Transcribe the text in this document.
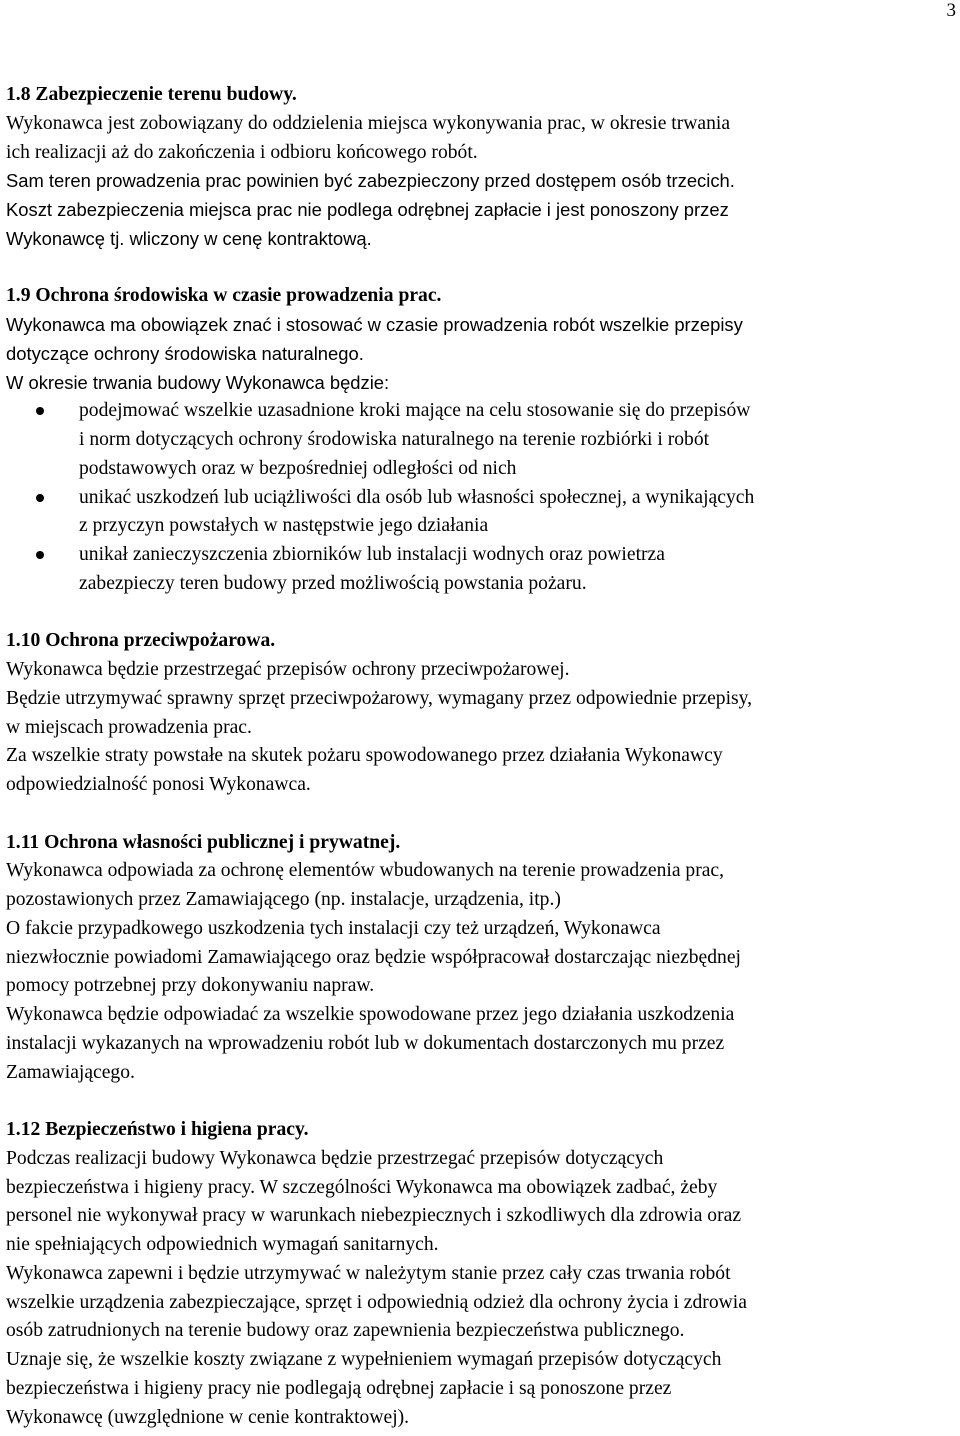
3

1.8 Zabezpieczenie terenu budowy.

Wykonawca jest zobowiązany do oddzielenia miejsca wykonywania prac, w okresie trwania

ich realizacji aż do zakończenia i odbioru końcowego robót.

Sam teren prowadzenia prac powinien być zabezpieczony przed dostępem osób trzecich.

Koszt zabezpieczenia miejsca prac nie podlega odrębnej zapłacie i jest ponoszony przez

Wykonawcę tj. wliczony w cenę kontraktową.

1.9 Ochrona środowiska w czasie prowadzenia prac.

Wykonawca ma obowiązek znać i stosować w czasie prowadzenia robót wszelkie przepisy

dotyczące ochrony środowiska naturalnego.

W okresie trwania budowy Wykonawca będzie:

podejmować wszelkie uzasadnione kroki mające na celu stosowanie się do przepisów
i norm dotyczących ochrony środowiska naturalnego na terenie rozbiórki i robót
podstawowych oraz w bezpośredniej odległości od nich
unikać uszkodzeń lub uciążliwości dla osób lub własności społecznej, a wynikających
z przyczyn powstałych w następstwie jego działania
unikał zanieczyszczenia zbiorników lub instalacji wodnych oraz powietrza
zabezpieczy teren budowy przed możliwością powstania pożaru.

1.10 Ochrona przeciwpożarowa.

Wykonawca będzie przestrzegać przepisów ochrony przeciwpożarowej.

Będzie utrzymywać sprawny sprzęt przeciwpożarowy, wymagany przez odpowiednie przepisy,

w miejscach prowadzenia prac.

Za wszelkie straty powstałe na skutek pożaru spowodowanego przez działania Wykonawcy

odpowiedzialność ponosi Wykonawca.

1.11 Ochrona własności publicznej i prywatnej.

Wykonawca odpowiada za ochronę elementów wbudowanych na terenie prowadzenia prac,

pozostawionych przez Zamawiającego (np. instalacje, urządzenia, itp.)

O fakcie przypadkowego uszkodzenia tych instalacji czy też urządzeń, Wykonawca

niezwłocznie powiadomi Zamawiającego oraz będzie współpracował dostarczając niezbędnej

pomocy potrzebnej przy dokonywaniu napraw.

Wykonawca będzie odpowiadać za wszelkie spowodowane przez jego działania uszkodzenia

instalacji wykazanych na wprowadzeniu robót lub w dokumentach dostarczonych mu przez

Zamawiającego.

1.12 Bezpieczeństwo i higiena pracy.

Podczas realizacji budowy Wykonawca będzie przestrzegać przepisów dotyczących

bezpieczeństwa i higieny pracy. W szczególności Wykonawca ma obowiązek zadbać, żeby

personel nie wykonywał pracy w warunkach niebezpiecznych i szkodliwych dla zdrowia oraz

nie spełniających odpowiednich wymagań sanitarnych.

Wykonawca zapewni i będzie utrzymywać w należytym stanie przez cały czas trwania robót

wszelkie urządzenia zabezpieczające, sprzęt i odpowiednią odzież dla ochrony życia i zdrowia

osób zatrudnionych na terenie budowy oraz zapewnienia bezpieczeństwa publicznego.

Uznaje się, że wszelkie koszty związane z wypełnieniem wymagań przepisów dotyczących

bezpieczeństwa i higieny pracy nie podlegają odrębnej zapłacie i są ponoszone przez

Wykonawcę (uwzględnione w cenie kontraktowej).
